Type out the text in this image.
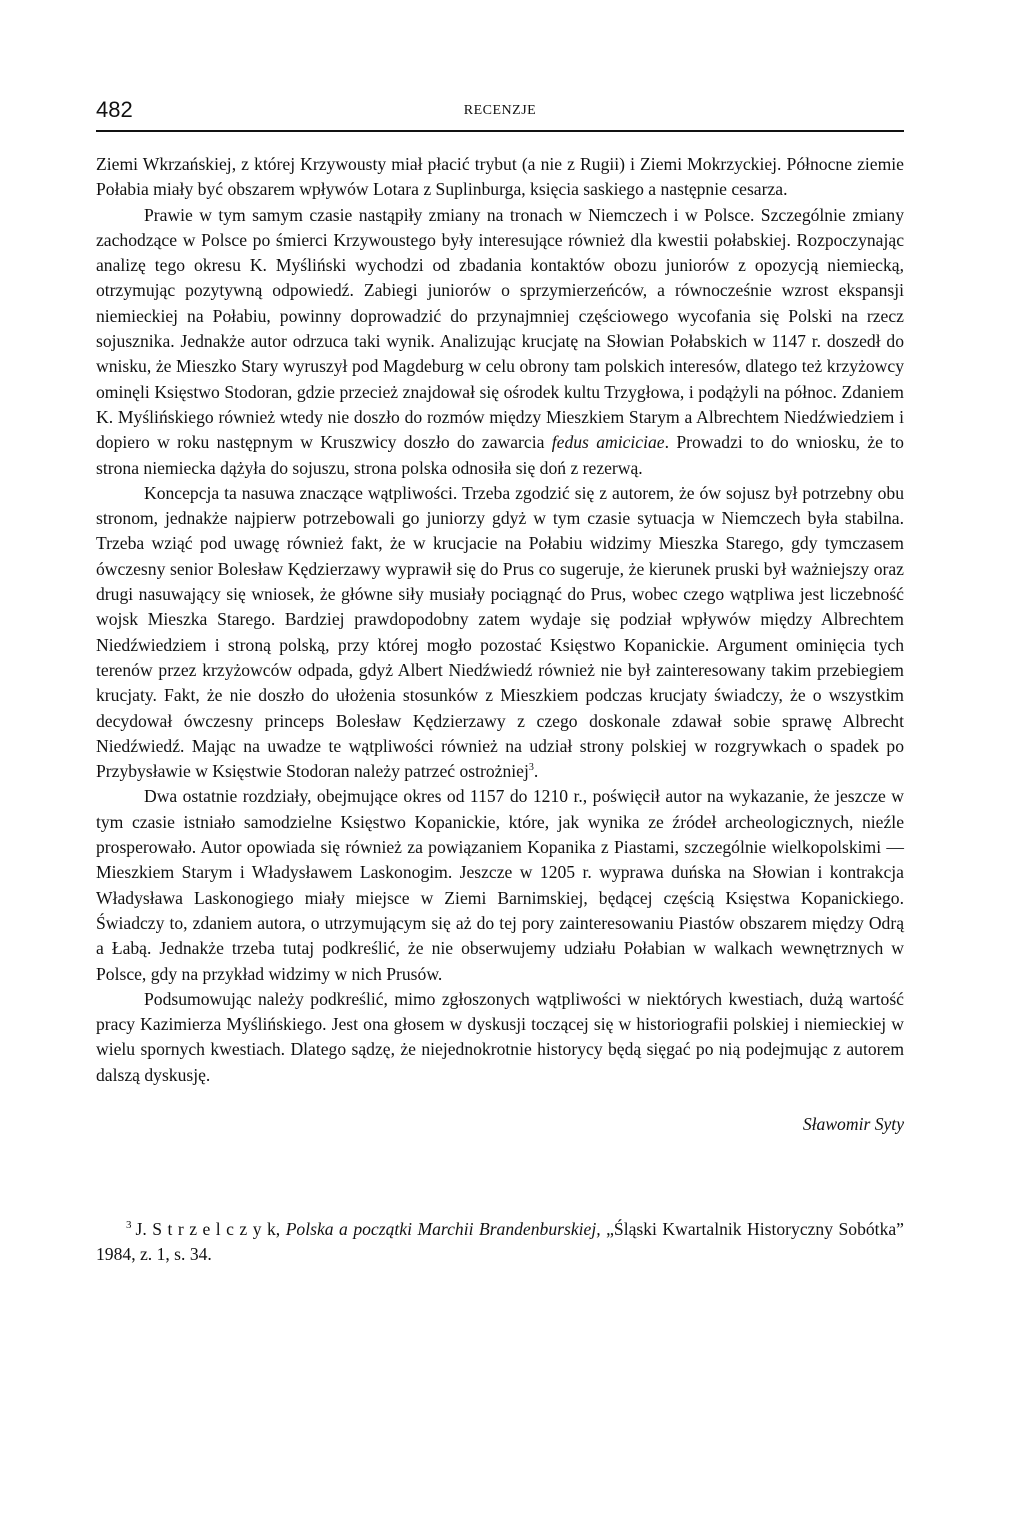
482	RECENZJE

Ziemi Wkrzańskiej, z której Krzywousty miał płacić trybut (a nie z Rugii) i Ziemi Mokrzyckiej. Północne ziemie Połabia miały być obszarem wpływów Lotara z Suplinburga, księcia saskiego a następnie cesarza.

Prawie w tym samym czasie nastąpiły zmiany na tronach w Niemczech i w Polsce. Szczególnie zmiany zachodzące w Polsce po śmierci Krzywoustego były interesujące również dla kwestii połabskiej. Rozpoczynając analizę tego okresu K. Myśliński wychodzi od zbadania kontaktów obozu juniorów z opozycją niemiecką, otrzymując pozytywną odpowiedź. Zabiegi juniorów o sprzymierzeńców, a równocześnie wzrost ekspansji niemieckiej na Połabiu, powinny doprowadzić do przynajmniej częściowego wycofania się Polski na rzecz sojusznika. Jednakże autor odrzuca taki wynik. Analizując krucjatę na Słowian Połabskich w 1147 r. doszedł do wnisku, że Mieszko Stary wyruszył pod Magdeburg w celu obrony tam polskich interesów, dlatego też krzyżowcy ominęli Księstwo Stodoran, gdzie przecież znajdował się ośrodek kultu Trzygłowa, i podążyli na północ. Zdaniem K. Myślińskiego również wtedy nie doszło do rozmów między Mieszkiem Starym a Albrechtem Niedźwiedziem i dopiero w roku następnym w Kruszwicy doszło do zawarcia fedus amiciciae. Prowadzi to do wniosku, że to strona niemiecka dążyła do sojuszu, strona polska odnosiła się doń z rezerwą.

Koncepcja ta nasuwa znaczące wątpliwości. Trzeba zgodzić się z autorem, że ów sojusz był potrzebny obu stronom, jednakże najpierw potrzebowali go juniorzy gdyż w tym czasie sytuacja w Niemczech była stabilna. Trzeba wziąć pod uwagę również fakt, że w krucjacie na Połabiu widzimy Mieszka Starego, gdy tymczasem ówczesny senior Bolesław Kędzierzawy wyprawił się do Prus co sugeruje, że kierunek pruski był ważniejszy oraz drugi nasuwający się wniosek, że główne siły musiały pociągnąć do Prus, wobec czego wątpliwa jest liczebność wojsk Mieszka Starego. Bardziej prawdopodobny zatem wydaje się podział wpływów między Albrechtem Niedźwiedziem i stroną polską, przy której mogło pozostać Księstwo Kopanickie. Argument ominięcia tych terenów przez krzyżowców odpada, gdyż Albert Niedźwiedź również nie był zainteresowany takim przebiegiem krucjaty. Fakt, że nie doszło do ułożenia stosunków z Mieszkiem podczas krucjaty świadczy, że o wszystkim decydował ówczesny princeps Bolesław Kędzierzawy z czego doskonale zdawał sobie sprawę Albrecht Niedźwiedź. Mając na uwadze te wątpliwości również na udział strony polskiej w rozgrywkach o spadek po Przybysławie w Księstwie Stodoran należy patrzeć ostrożniej$^3$.

Dwa ostatnie rozdziały, obejmujące okres od 1157 do 1210 r., poświęcił autor na wykazanie, że jeszcze w tym czasie istniało samodzielne Księstwo Kopanickie, które, jak wynika ze źródeł archeologicznych, nieźle prosperowało. Autor opowiada się również za powiązaniem Kopanika z Piastami, szczególnie wielkopolskimi — Mieszkiem Starym i Władysławem Laskonogim. Jeszcze w 1205 r. wyprawa duńska na Słowian i kontrakcja Władysława Laskonogiego miały miejsce w Ziemi Barnimskiej, będącej częścią Księstwa Kopanickiego. Świadczy to, zdaniem autora, o utrzymującym się aż do tej pory zainteresowaniu Piastów obszarem między Odrą a Łabą. Jednakże trzeba tutaj podkreślić, że nie obserwujemy udziału Połabian w walkach wewnętrznych w Polsce, gdy na przykład widzimy w nich Prusów.

Podsumowując należy podkreślić, mimo zgłoszonych wątpliwości w niektórych kwestiach, dużą wartość pracy Kazimierza Myślińskiego. Jest ona głosem w dyskusji toczącej się w historiografii polskiej i niemieckiej w wielu spornych kwestiach. Dlatego sądzę, że niejednokrotnie historycy będą sięgać po nią podejmując z autorem dalszą dyskusję.

Sławomir Syty
$^3$ J. S t r z e l c z y k, Polska a początki Marchii Brandenburskiej, „Śląski Kwartalnik Historyczny Sobótka” 1984, z. 1, s. 34.
